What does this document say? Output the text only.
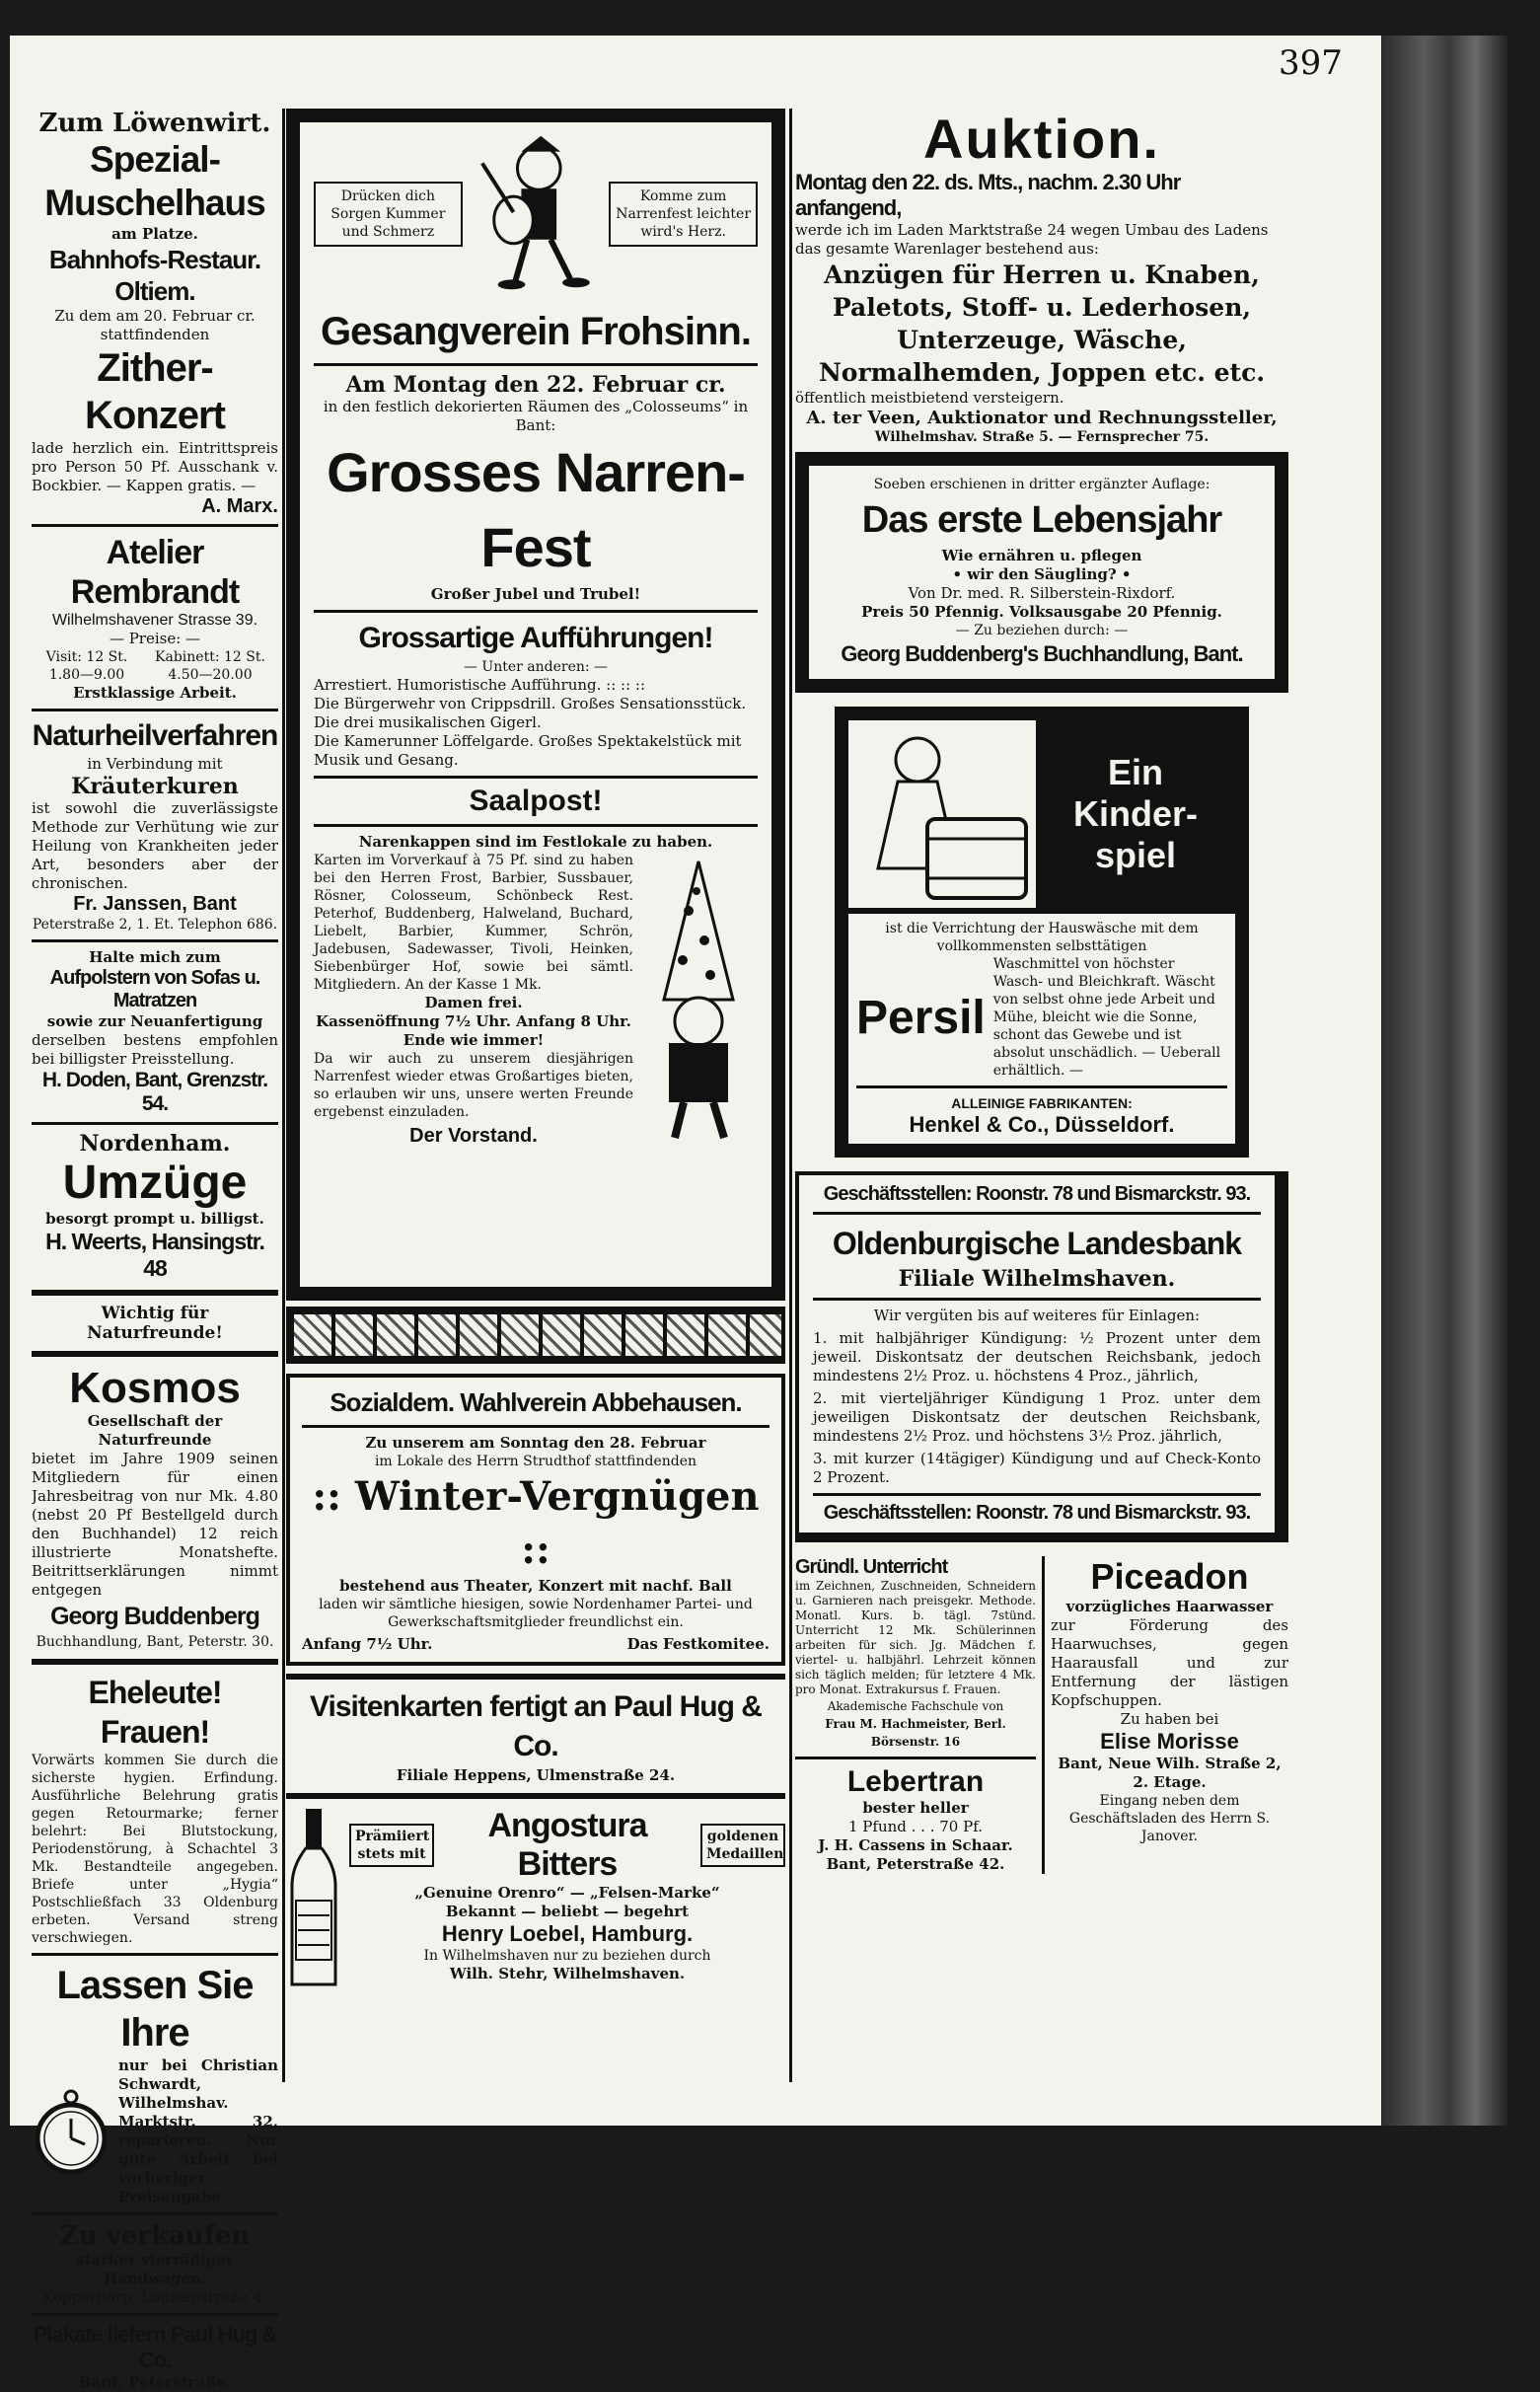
397
Zum Löwenwirt.
Spezial-Muschelhaus
am Platze.
Bahnhofs-Restaur. Oltiem.
Zu dem am 20. Februar cr. stattfindenden
Zither-Konzert
lade herzlich ein. Eintrittspreis pro Person 50 Pf. Ausschank v. Bockbier. — Kappen gratis. —
A. Marx.
Atelier Rembrandt
Wilhelmshavener Strasse 39.
— Preise: —
Visit: 12 St. 1.80—9.00
Kabinett: 12 St. 4.50—20.00
Erstklassige Arbeit.
Naturheilverfahren
in Verbindung mit
Kräuterkuren
ist sowohl die zuverlässigste Methode zur Verhütung wie zur Heilung von Krankheiten jeder Art, besonders aber der chronischen.
Fr. Janssen, Bant
Peterstraße 2, 1. Et. Telephon 686.
Halte mich zum
Aufpolstern von Sofas u. Matratzen
sowie zur Neuanfertigung
derselben bestens empfohlen bei billigster Preisstellung.
H. Doden, Bant, Grenzstr. 54.
Nordenham.
Umzüge
besorgt prompt u. billigst.
H. Weerts, Hansingstr. 48
Wichtig für Naturfreunde!
Kosmos
Gesellschaft der Naturfreunde
bietet im Jahre 1909 seinen Mitgliedern für einen Jahresbeitrag von nur Mk. 4.80 (nebst 20 Pf Bestellgeld durch den Buchhandel) 12 reich illustrierte Monatshefte. Beitrittserklärungen nimmt entgegen
Georg Buddenberg
Buchhandlung, Bant, Peterstr. 30.
Eheleute! Frauen!
Vorwärts kommen Sie durch die sicherste hygien. Erfindung. Ausführliche Belehrung gratis gegen Retourmarke; ferner belehrt: Bei Blutstockung, Periodenstörung, à Schachtel 3 Mk. Bestandteile angegeben. Briefe unter „Hygia“ Postschließfach 33 Oldenburg erbeten. Versand streng verschwiegen.
Lassen Sie Ihre
nur bei Christian Schwardt, Wilhelmshav. Marktstr. 32, reparieren. Nur gute Arbeit bei vorheriger Preisangabe.
Zu verkaufen
starker vierrädiger Handwagen.
Kopperhörn, Louisenstraße 4.
Plakate liefern Paul Hug & Co.
Bant, Peterstraße.
Drücken dich Sorgen Kummer und Schmerz
Komme zum Narrenfest leichter wird's Herz.
Gesangverein Frohsinn.
Am Montag den 22. Februar cr.
in den festlich dekorierten Räumen des „Colosseums“ in Bant:
Grosses Narren-Fest
Großer Jubel und Trubel!
Grossartige Aufführungen!
— Unter anderen: —
Arrestiert. Humoristische Aufführung. :: :: ::
Die Bürgerwehr von Crippsdrill. Großes Sensationsstück.
Die drei musikalischen Gigerl.
Die Kamerunner Löffelgarde. Großes Spektakelstück mit Musik und Gesang.
Saalpost!
Narenkappen sind im Festlokale zu haben.
Karten im Vorverkauf à 75 Pf. sind zu haben bei den Herren Frost, Barbier, Sussbauer, Rösner, Colosseum, Schönbeck Rest. Peterhof, Buddenberg, Halweland, Buchard, Liebelt, Barbier, Kummer, Schrön, Jadebusen, Sadewasser, Tivoli, Heinken, Siebenbürger Hof, sowie bei sämtl. Mitgliedern. An der Kasse 1 Mk.
Damen frei.
Kassenöffnung 7½ Uhr. Anfang 8 Uhr.
Ende wie immer!
Da wir auch zu unserem diesjährigen Narrenfest wieder etwas Großartiges bieten, so erlauben wir uns, unsere werten Freunde ergebenst einzuladen.
Der Vorstand.
Sozialdem. Wahlverein Abbehausen.
Zu unserem am Sonntag den 28. Februar
im Lokale des Herrn Strudthof stattfindenden
:: Winter-Vergnügen ::
bestehend aus Theater, Konzert mit nachf. Ball
laden wir sämtliche hiesigen, sowie Nordenhamer Partei- und Gewerkschaftsmitglieder freundlichst ein.
Anfang 7½ Uhr.	Das Festkomitee.
Visitenkarten fertigt an Paul Hug & Co.
Filiale Heppens, Ulmenstraße 24.
Prämiiert stets mit
Angostura Bitters
goldenen Medaillen
„Genuine Orenro“ — „Felsen-Marke“
Bekannt — beliebt — begehrt
Henry Loebel, Hamburg.
In Wilhelmshaven nur zu beziehen durch
Wilh. Stehr, Wilhelmshaven.
Auktion.
Montag den 22. ds. Mts., nachm. 2.30 Uhr anfangend,
werde ich im Laden Marktstraße 24 wegen Umbau des Ladens das gesamte Warenlager bestehend aus:
Anzügen für Herren u. Knaben, Paletots, Stoff- u. Lederhosen, Unterzeuge, Wäsche, Normalhemden, Joppen etc. etc.
öffentlich meistbietend versteigern.
A. ter Veen, Auktionator und Rechnungssteller,
Wilhelmshav. Straße 5. — Fernsprecher 75.
Soeben erschienen in dritter ergänzter Auflage:
Das erste Lebensjahr
Wie ernähren u. pflegen
• wir den Säugling? •
Von Dr. med. R. Silberstein-Rixdorf.
Preis 50 Pfennig. Volksausgabe 20 Pfennig.
— Zu beziehen durch: —
Georg Buddenberg's Buchhandlung, Bant.
Ein
Kinder-
spiel
ist die Verrichtung der Hauswäsche mit dem vollkommensten selbsttätigen
Persil
Waschmittel von höchster Wasch- und Bleichkraft. Wäscht von selbst ohne jede Arbeit und Mühe, bleicht wie die Sonne, schont das Gewebe und ist absolut unschädlich. — Ueberall erhältlich. —
ALLEINIGE FABRIKANTEN:
Henkel & Co., Düsseldorf.
Geschäftsstellen: Roonstr. 78 und Bismarckstr. 93.
Oldenburgische Landesbank
Filiale Wilhelmshaven.
Wir vergüten bis auf weiteres für Einlagen:
1. mit halbjähriger Kündigung: ½ Prozent unter dem jeweil. Diskontsatz der deutschen Reichsbank, jedoch mindestens 2½ Proz. u. höchstens 4 Proz., jährlich,
2. mit vierteljähriger Kündigung 1 Proz. unter dem jeweiligen Diskontsatz der deutschen Reichsbank, mindestens 2½ Proz. und höchstens 3½ Proz. jährlich,
3. mit kurzer (14tägiger) Kündigung und auf Check-Konto 2 Prozent.
Geschäftsstellen: Roonstr. 78 und Bismarckstr. 93.
Gründl. Unterricht
im Zeichnen, Zuschneiden, Schneidern u. Garnieren nach preisgekr. Methode. Monatl. Kurs. b. tägl. 7stünd. Unterricht 12 Mk. Schülerinnen arbeiten für sich. Jg. Mädchen f. viertel- u. halbjährl. Lehrzeit können sich täglich melden; für letztere 4 Mk. pro Monat. Extrakursus f. Frauen.
Akademische Fachschule von
Frau M. Hachmeister, Berl. Börsenstr. 16
Lebertran
bester heller
1 Pfund . . . 70 Pf.
J. H. Cassens in Schaar.
Bant, Peterstraße 42.
Piceadon
vorzügliches Haarwasser
zur Förderung des Haarwuchses, gegen Haarausfall und zur Entfernung der lästigen Kopfschuppen.
Zu haben bei
Elise Morisse
Bant, Neue Wilh. Straße 2, 2. Etage.
Eingang neben dem Geschäftsladen des Herrn S. Janover.
